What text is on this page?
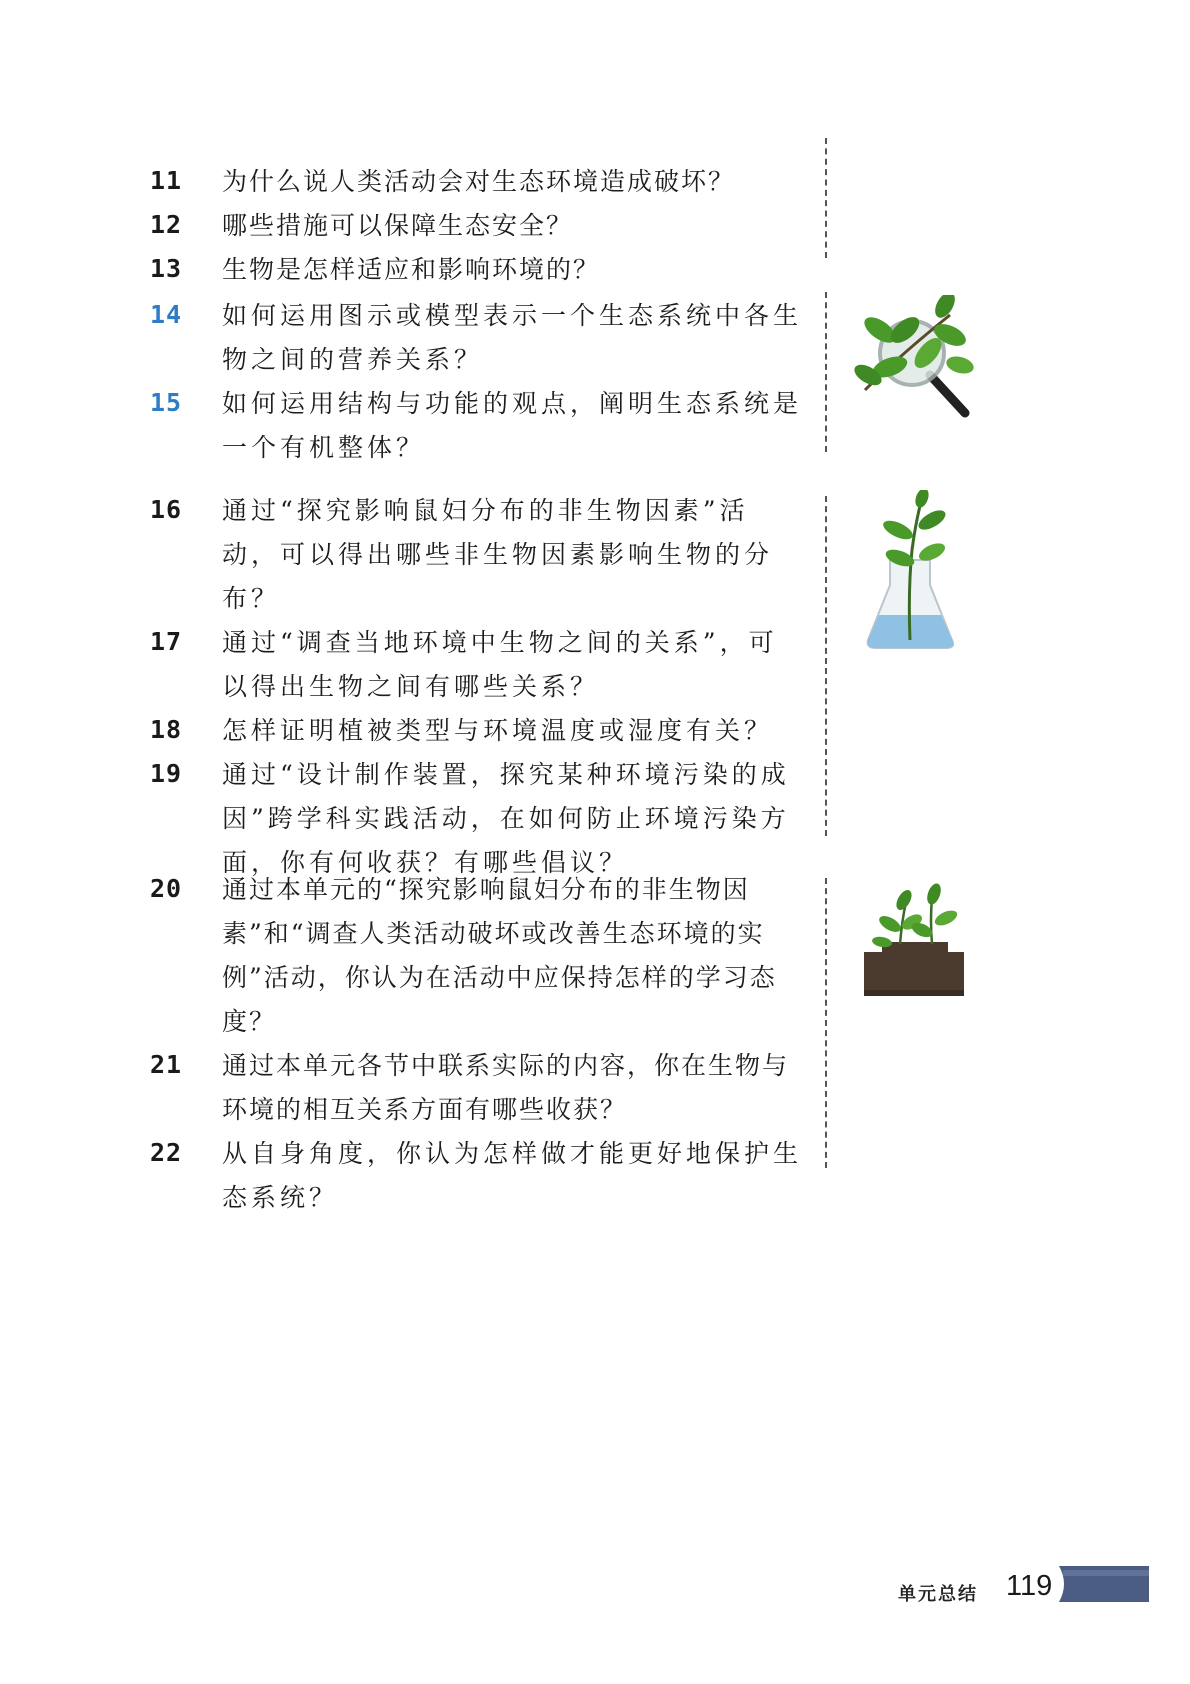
11	为什么说人类活动会对生态环境造成破坏？
12	哪些措施可以保障生态安全？
13	生物是怎样适应和影响环境的？
14	如何运用图示或模型表示一个生态系统中各生物之间的营养关系？
15	如何运用结构与功能的观点，阐明生态系统是一个有机整体？
16	通过“探究影响鼠妇分布的非生物因素”活动，可以得出哪些非生物因素影响生物的分布？
17	通过“调查当地环境中生物之间的关系”，可以得出生物之间有哪些关系？
18	怎样证明植被类型与环境温度或湿度有关？
19	通过“设计制作装置，探究某种环境污染的成因”跨学科实践活动，在如何防止环境污染方面，你有何收获？有哪些倡议？
20	通过本单元的“探究影响鼠妇分布的非生物因素”和“调查人类活动破坏或改善生态环境的实例”活动，你认为在活动中应保持怎样的学习态度？
21	通过本单元各节中联系实际的内容，你在生物与环境的相互关系方面有哪些收获？
22	从自身角度，你认为怎样做才能更好地保护生态系统？
单元总结 119
